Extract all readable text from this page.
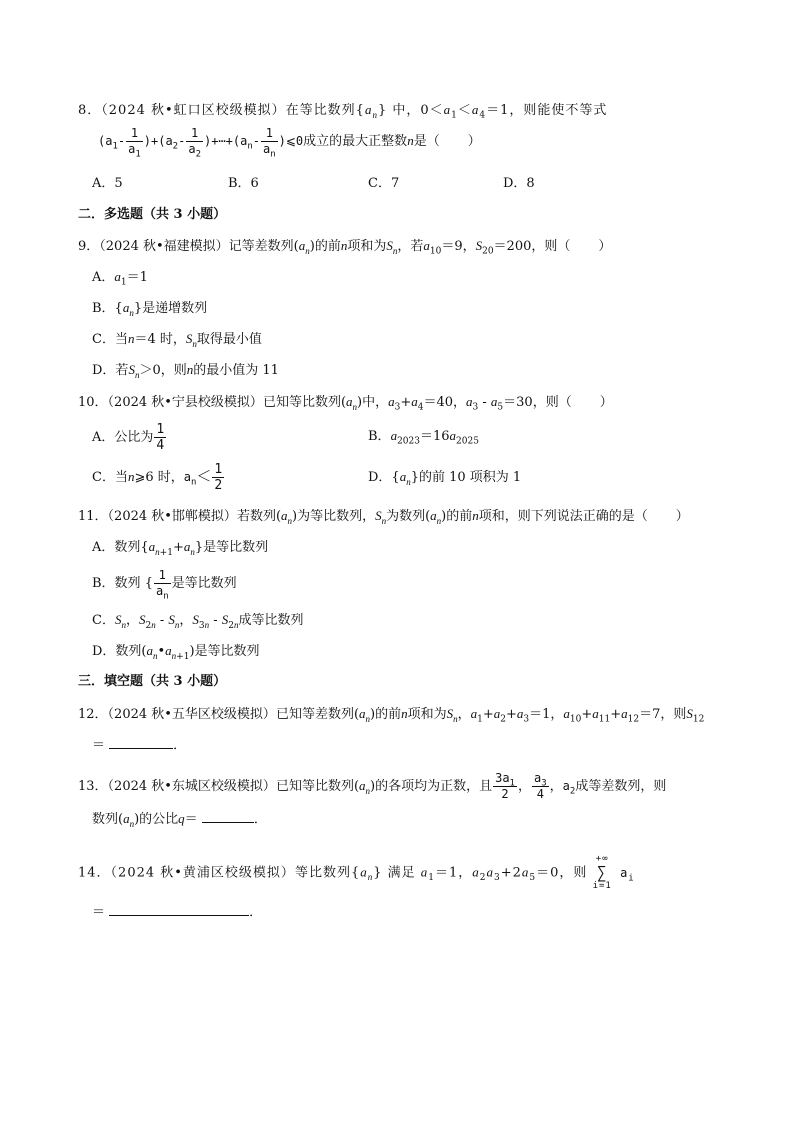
8．（2024 秋•虹口区校级模拟）在等比数列$\{a_n\}$ 中，$0<a_1<a_4=1$，则能使不等式
$(a_1- \frac{1}{a_1} )+(a_2- \frac{1}{a_2}$ )$+\cdots+(a_n- \frac{1}{a_n}$ )⩽0成立的最大正整数n是（ ）
A．5	B．6	C．7	D．8
二．多选题（共 3 小题）
9．（2024 秋•福建模拟）记等差数列$(a_n)$的前n项和为$S_n$，若$a_{10}=9$，$S_{20}=200$，则（ ）
A．$a_1=1$
B．$\{a_n\}$是递增数列
C．当n＝4 时，$S_n$取得最小值
D．若$S_n>0$，则n的最小值为 11
10．（2024 秋•宁县校级模拟）已知等比数列$(a_n)$中，$a_3+a_4=40$，$a_3 - a_5=30$，则（ ）
A．公比为 $\frac{1}{4}$	B．$a_{2023}=16a_{2025}$
C．当n⩾6 时，$a_n< \frac{1}{2}$	D．$\{a_n\}$的前 10 项积为 1
11．（2024 秋•邯郸模拟）若数列$(a_n)$为等比数列，$S_n$为数列$(a_n)$的前n项和，则下列说法正确的是（ ）
A．数列$\{a_{n+1}+a_n\}$是等比数列
B．数列 { $\frac{1}{a_n}$ 是等比数列
C．$S_n$，$S_{2n} - S_n$，$S_{3n} - S_{2n}$成等比数列
D．数列$(a_n•a_{n+1})$是等比数列
三．填空题（共 3 小题）
12．（2024 秋•五华区校级模拟）已知等差数列$(a_n)$的前n项和为$S_n$，$a_1+a_2+a_3=1$，$a_{10}+a_{11}+a_{12}=7$，则$S_{12}$
＝	．
13．（2024 秋•东城区校级模拟）已知等比数列$(a_n)$的各项均为正数，且 $\frac{3a_1}{2}$ ， $\frac{a_3}{4}$ ，$a_2$成等差数列，则
数列$(a_n)$的公比q＝	．
14．（2024 秋•黄浦区校级模拟）等比数列$\{a_n\}$ 满足 $a_1=1$，$a_2a_3+2a_5=0$，则 +∞
∑
i=1 $a_i$
＝	．
